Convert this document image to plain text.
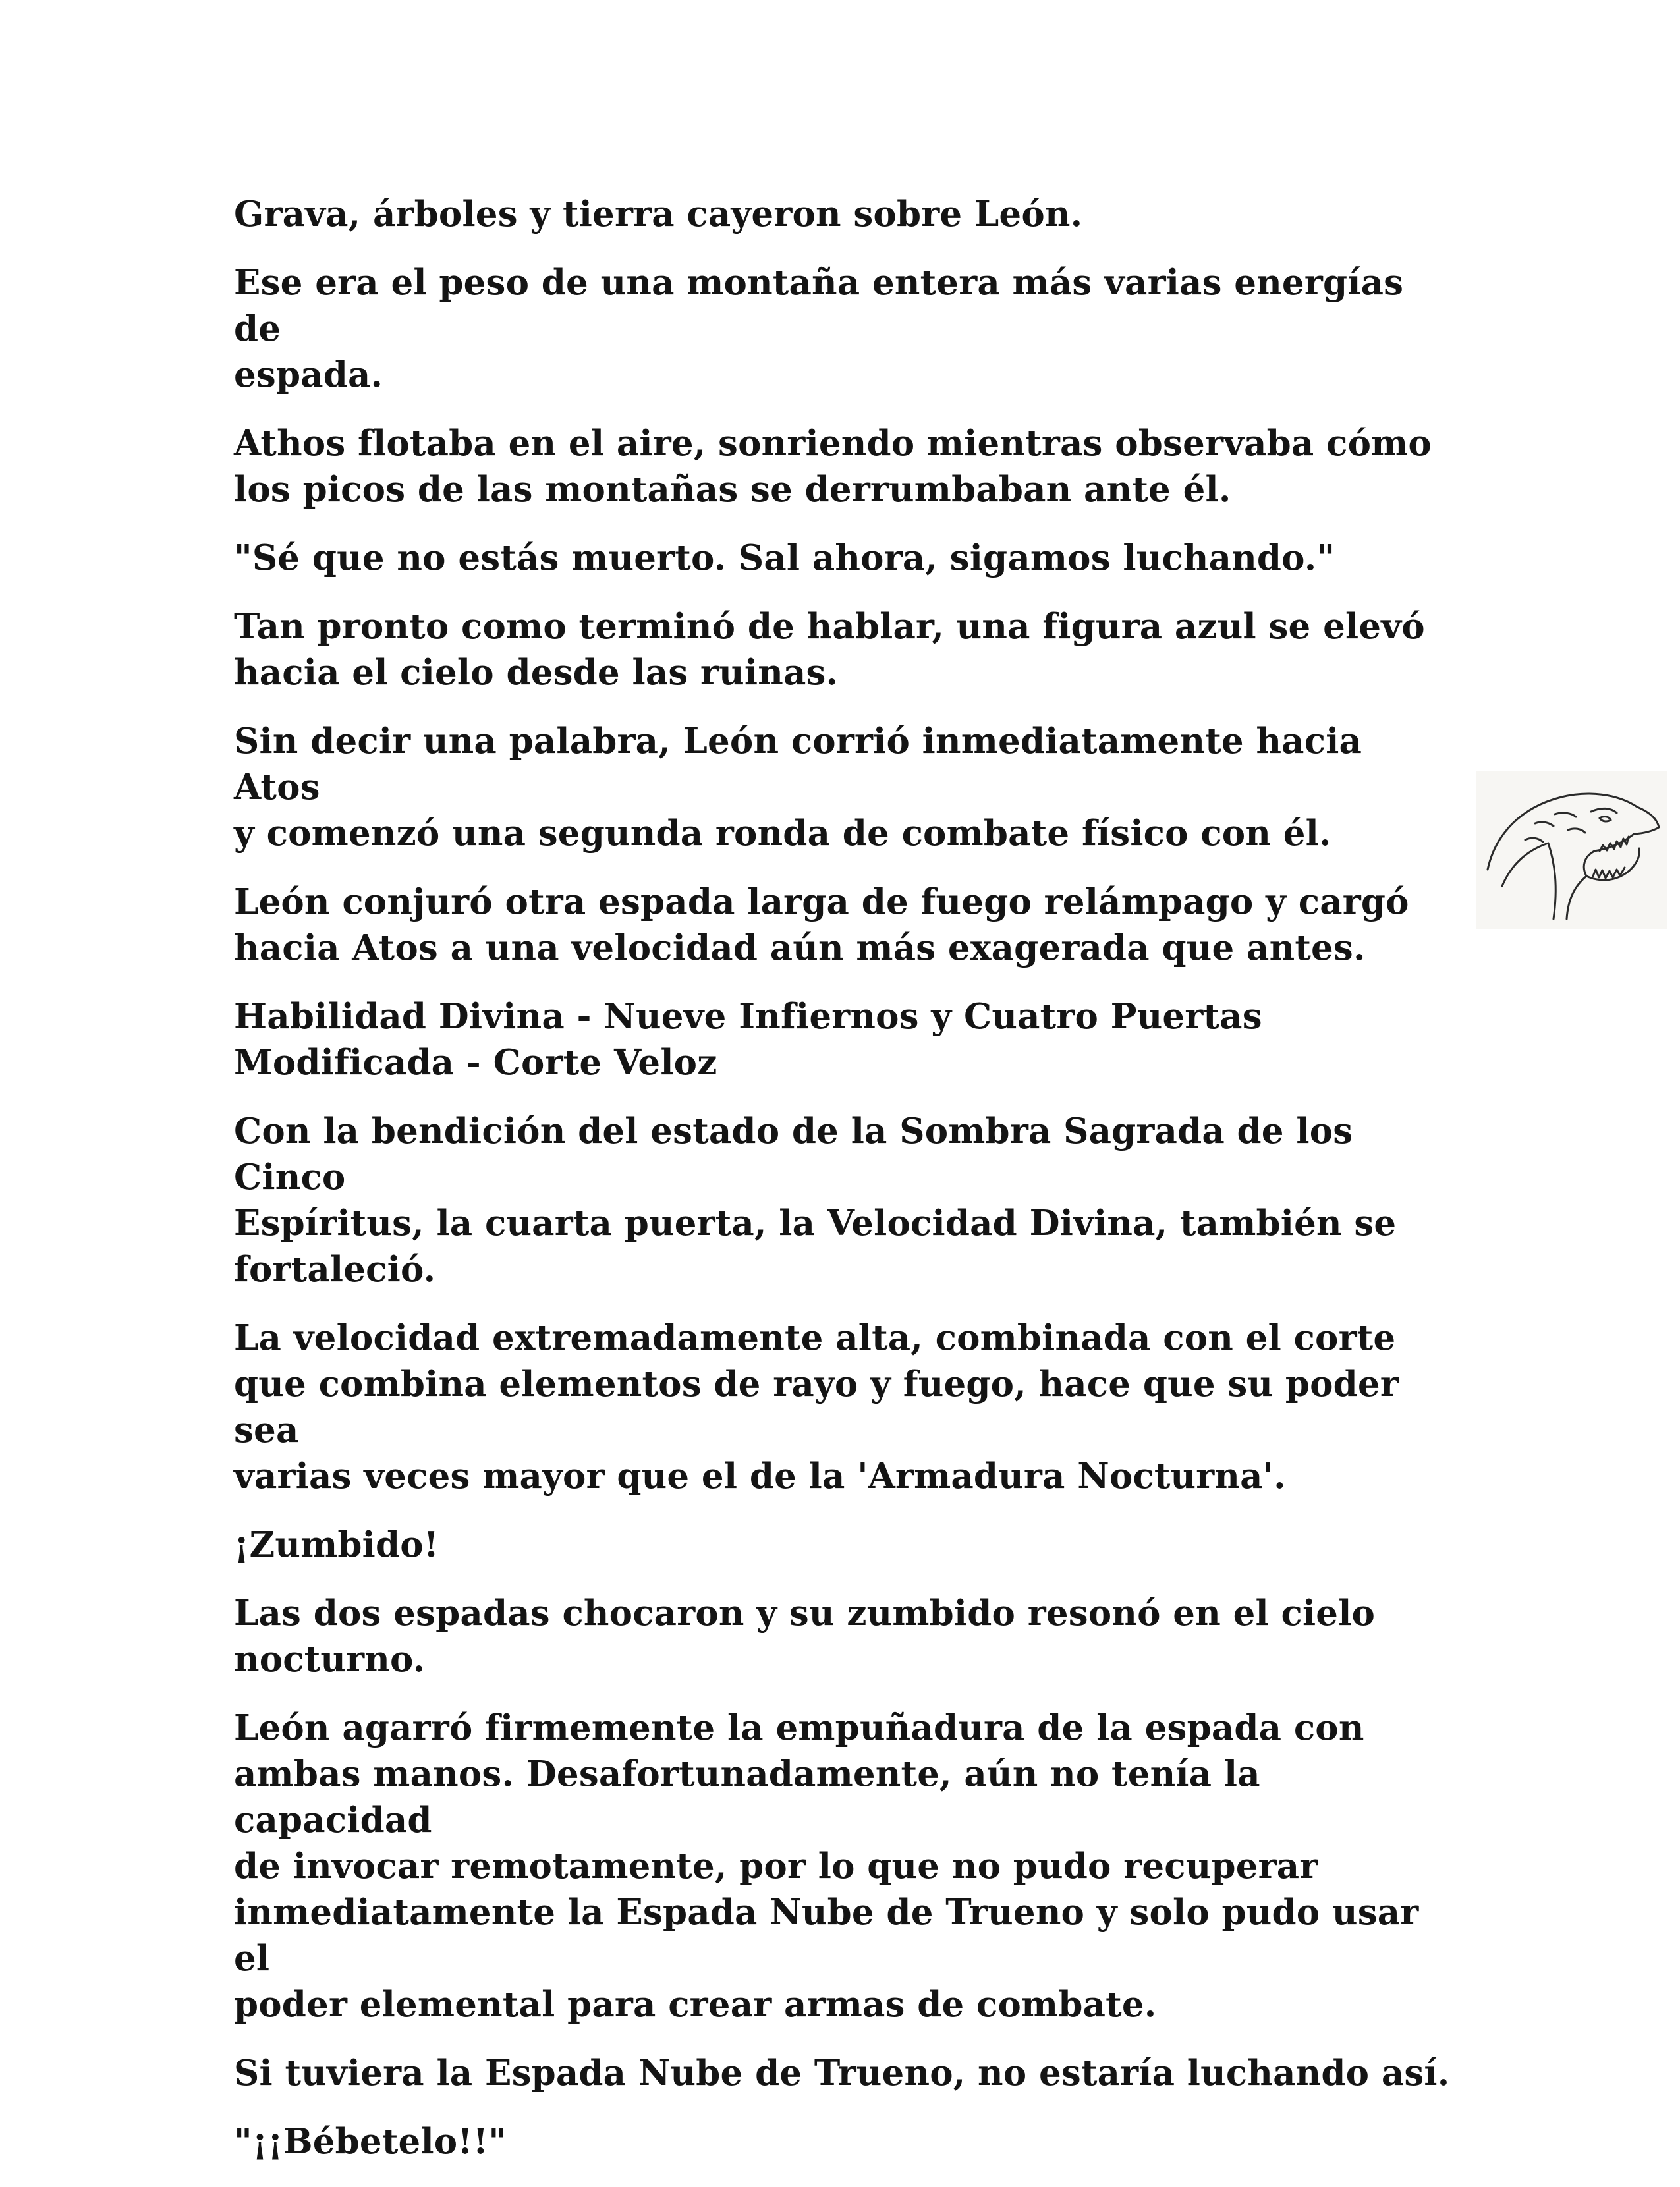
Grava, árboles y tierra cayeron sobre León.

Ese era el peso de una montaña entera más varias energías de
espada.

Athos flotaba en el aire, sonriendo mientras observaba cómo
los picos de las montañas se derrumbaban ante él.

"Sé que no estás muerto. Sal ahora, sigamos luchando."

Tan pronto como terminó de hablar, una figura azul se elevó
hacia el cielo desde las ruinas.

Sin decir una palabra, León corrió inmediatamente hacia Atos
y comenzó una segunda ronda de combate físico con él.

León conjuró otra espada larga de fuego relámpago y cargó
hacia Atos a una velocidad aún más exagerada que antes.

Habilidad Divina - Nueve Infiernos y Cuatro Puertas
Modificada - Corte Veloz

Con la bendición del estado de la Sombra Sagrada de los Cinco
Espíritus, la cuarta puerta, la Velocidad Divina, también se
fortaleció.

La velocidad extremadamente alta, combinada con el corte
que combina elementos de rayo y fuego, hace que su poder sea
varias veces mayor que el de la 'Armadura Nocturna'.

¡Zumbido!

Las dos espadas chocaron y su zumbido resonó en el cielo
nocturno.

León agarró firmemente la empuñadura de la espada con
ambas manos. Desafortunadamente, aún no tenía la capacidad
de invocar remotamente, por lo que no pudo recuperar
inmediatamente la Espada Nube de Trueno y solo pudo usar el
poder elemental para crear armas de combate.

Si tuviera la Espada Nube de Trueno, no estaría luchando así.

"¡¡Bébetelo!!"
